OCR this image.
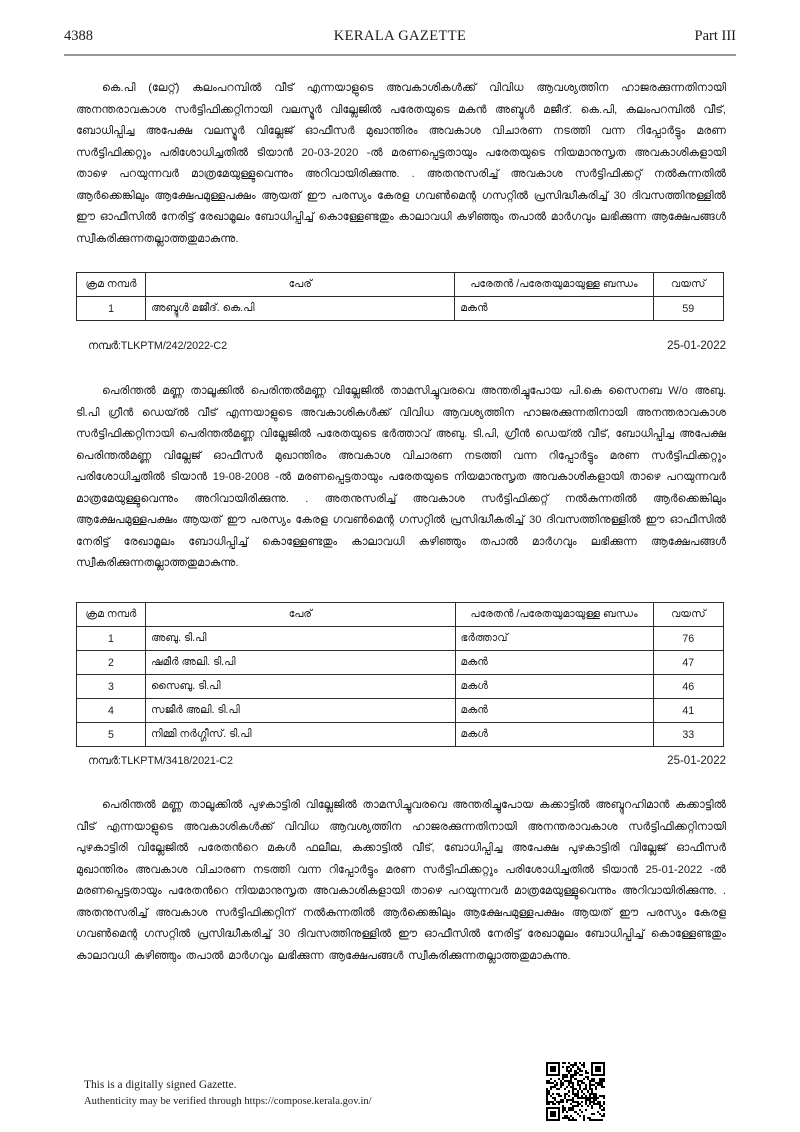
4388	KERALA GAZETTE	Part III
കെ.പി (ലേറ്റ്) കലംപറമ്പിൽ വീട് എന്നയാളുടെ അവകാശികൾക്ക് വിവിധ ആവശ്യത്തിന ഹാജരക്കുന്നതിനായി അനന്തരാവകാശ സർട്ടിഫിക്കറ്റിനായി വലസ്മൂർ വില്ലേജിൽ പരേതയുടെ മകൻ അബ്ദുൾ മജീദ്. കെ.പി, കലംപറമ്പിൽ വീട്, ബോധിപ്പിച്ച അപേക്ഷ വലസ്മൂർ വില്ലേജ് ഓഫീസർ മുഖാന്തിരം അവകാശ വിചാരണ നടത്തി വന്ന റിപ്പോർട്ടും മരണ സർട്ടിഫിക്കറ്റും പരിശോധിച്ചതിൽ ടിയാൻ 20-03-2020 -ൽ മരണപ്പെട്ടതായും പരേതയുടെ നിയമാനുസൃത അവകാശികളായി താഴെ പറയുന്നവർ മാത്രമേയുള്ളുവെന്നും അറിവായിരിക്കുന്നു. . അതനുസരിച്ച് അവകാശ സർട്ടിഫിക്കറ്റ് നൽകുന്നതിൽ ആർക്കെങ്കിലും ആക്ഷേപമുള്ളപക്ഷം ആയത് ഈ പരസ്യം കേരള ഗവൺമെന്റ ഗസറ്റിൽ പ്രസിദ്ധീകരിച്ച് 30 ദിവസത്തിനുള്ളിൽ ഈ ഓഫീസിൽ നേരിട്ട് രേഖാമൂലം ബോധിപ്പിച്ച് കൊള്ളേണ്ടതും കാലാവധി കഴിഞ്ഞും തപാൽ മാർഗവും ലഭിക്കുന്ന ആക്ഷേപങ്ങൾ സ്വീകരിക്കുന്നതല്ലാത്തതുമാകുന്നു.
ക്രമ നമ്പർ	പേര്	പരേതൻ /പരേതയുമായുള്ള ബന്ധം	വയസ്
1	അബ്ദുൾ മജീദ്. കെ.പി	മകൻ	59
നമ്പർ:TLKPTM/242/2022-C2	25-01-2022
പെരിന്തൽ മണ്ണ താലൂക്കിൽ പെരിന്തൽമണ്ണ വില്ലേജിൽ താമസിച്ചുവരവെ അന്തരിച്ചുപോയ പി.കെ സൈനബ W/o അബു. ടി.പി ഗ്രീൻ ഡെയ്ൽ വീട് എന്നയാളുടെ അവകാശികൾക്ക് വിവിധ ആവശ്യത്തിന ഹാജരക്കുന്നതിനായി അനന്തരാവകാശ സർട്ടിഫിക്കറ്റിനായി പെരിന്തൽമണ്ണ വില്ലേജിൽ പരേതയുടെ ഭർത്താവ് അബു. ടി.പി, ഗ്രീൻ ഡെയ്ൽ വീട്, ബോധിപ്പിച്ച അപേക്ഷ പെരിന്തൽമണ്ണ വില്ലേജ് ഓഫീസർ മുഖാന്തിരം അവകാശ വിചാരണ നടത്തി വന്ന റിപ്പോർട്ടും മരണ സർട്ടിഫിക്കറ്റും പരിശോധിച്ചതിൽ ടിയാൻ 19-08-2008 -ൽ മരണപ്പെട്ടതായും പരേതയുടെ നിയമാനുസൃത അവകാശികളായി താഴെ പറയുന്നവർ മാത്രമേയുള്ളുവെന്നും അറിവായിരിക്കുന്നു. . അതനുസരിച്ച് അവകാശ സർട്ടിഫിക്കറ്റ് നൽകുന്നതിൽ ആർക്കെങ്കിലും ആക്ഷേപമുള്ളപക്ഷം ആയത് ഈ പരസ്യം കേരള ഗവൺമെന്റ ഗസറ്റിൽ പ്രസിദ്ധീകരിച്ച് 30 ദിവസത്തിനുള്ളിൽ ഈ ഓഫീസിൽ നേരിട്ട് രേഖാമൂലം ബോധിപ്പിച്ച് കൊള്ളേണ്ടതും കാലാവധി കഴിഞ്ഞും തപാൽ മാർഗവും ലഭിക്കുന്ന ആക്ഷേപങ്ങൾ സ്വീകരിക്കുന്നതല്ലാത്തതുമാകുന്നു.
ക്രമ നമ്പർ	പേര്	പരേതൻ /പരേതയുമായുള്ള ബന്ധം	വയസ്
1	അബു. ടി.പി	ഭർത്താവ്	76
2	ഷമീർ അലി. ടി.പി	മകൻ	47
3	സൈബു. ടി.പി	മകൾ	46
4	സജീർ അലി. ടി.പി	മകൻ	41
5	നിമ്മി നർഗ്ഗീസ്. ടി.പി	മകൾ	33
നമ്പർ:TLKPTM/3418/2021-C2	25-01-2022
പെരിന്തൽ മണ്ണ താലൂക്കിൽ പുഴകാട്ടിരി വില്ലേജിൽ താമസിച്ചുവരവെ അന്തരിച്ചുപോയ കക്കാട്ടിൽ അബ്ദുറഹിമാൻ കക്കാട്ടിൽ വീട് എന്നയാളുടെ അവകാശികൾക്ക് വിവിധ ആവശ്യത്തിന ഹാജരക്കുന്നതിനായി അനന്തരാവകാശ സർട്ടിഫിക്കറ്റിനായി പുഴകാട്ടിരി വില്ലേജിൽ പരേതൻറെ മകൾ ഫലീല, കക്കാട്ടിൽ വീട്, ബോധിപ്പിച്ച അപേക്ഷ പുഴകാട്ടിരി വില്ലേജ് ഓഫീസർ മുഖാന്തിരം അവകാശ വിചാരണ നടത്തി വന്ന റിപ്പോർട്ടും മരണ സർട്ടിഫിക്കറ്റും പരിശോധിച്ചതിൽ ടിയാൻ 25-01-2022 -ൽ മരണപ്പെട്ടതായും പരേതൻറെ നിയമാനുസൃത അവകാശികളായി താഴെ പറയുന്നവർ മാത്രമേയുള്ളുവെന്നും അറിവായിരിക്കുന്നു. . അതനുസരിച്ച് അവകാശ സർട്ടിഫിക്കറ്റിന് നൽകുന്നതിൽ ആർക്കെങ്കിലും ആക്ഷേപമുള്ളപക്ഷം ആയത് ഈ പരസ്യം കേരള ഗവൺമെന്റ ഗസറ്റിൽ പ്രസിദ്ധീകരിച്ച് 30 ദിവസത്തിനുള്ളിൽ ഈ ഓഫീസിൽ നേരിട്ട് രേഖാമൂലം ബോധിപ്പിച്ച് കൊള്ളേണ്ടതും കാലാവധി കഴിഞ്ഞും തപാൽ മാർഗവും ലഭിക്കുന്ന ആക്ഷേപങ്ങൾ സ്വീകരിക്കുന്നതല്ലാത്തതുമാകുന്നു.
This is a digitally signed Gazette.
Authenticity may be verified through https://compose.kerala.gov.in/
